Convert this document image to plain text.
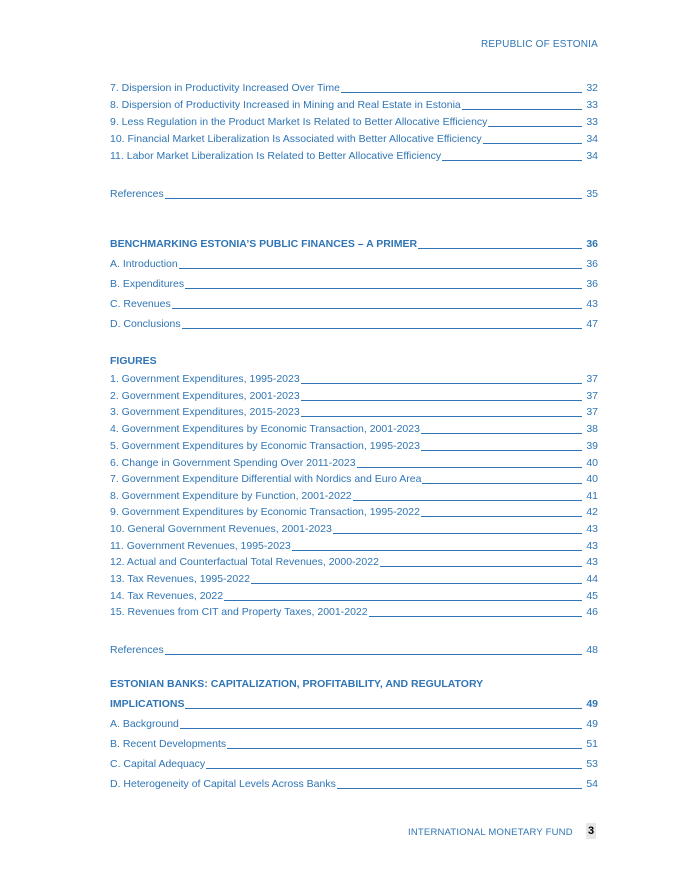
REPUBLIC OF ESTONIA
7. Dispersion in Productivity Increased Over Time	32
8. Dispersion of Productivity Increased in Mining and Real Estate in Estonia	33
9. Less Regulation in the Product Market Is Related to Better Allocative Efficiency	33
10. Financial Market Liberalization Is Associated with Better Allocative Efficiency	34
11. Labor Market Liberalization Is Related to Better Allocative Efficiency	34
References	35
BENCHMARKING ESTONIA’S PUBLIC FINANCES – A PRIMER	36
A. Introduction	36
B. Expenditures	36
C. Revenues	43
D. Conclusions	47
FIGURES
1. Government Expenditures, 1995-2023	37
2. Government Expenditures, 2001-2023	37
3. Government Expenditures, 2015-2023	37
4. Government Expenditures by Economic Transaction, 2001-2023	38
5. Government Expenditures by Economic Transaction, 1995-2023	39
6. Change in Government Spending Over 2011-2023	40
7. Government Expenditure Differential with Nordics and Euro Area	40
8. Government Expenditure by Function, 2001-2022	41
9. Government Expenditures by Economic Transaction, 1995-2022	42
10. General Government Revenues, 2001-2023	43
11. Government Revenues, 1995-2023	43
12. Actual and Counterfactual Total Revenues, 2000-2022	43
13. Tax Revenues, 1995-2022	44
14. Tax Revenues, 2022	45
15. Revenues from CIT and Property Taxes, 2001-2022	46
References	48
ESTONIAN BANKS: CAPITALIZATION, PROFITABILITY, AND REGULATORY
IMPLICATIONS	49
A. Background	49
B. Recent Developments	51
C. Capital Adequacy	53
D. Heterogeneity of Capital Levels Across Banks	54
INTERNATIONAL MONETARY FUND 3
